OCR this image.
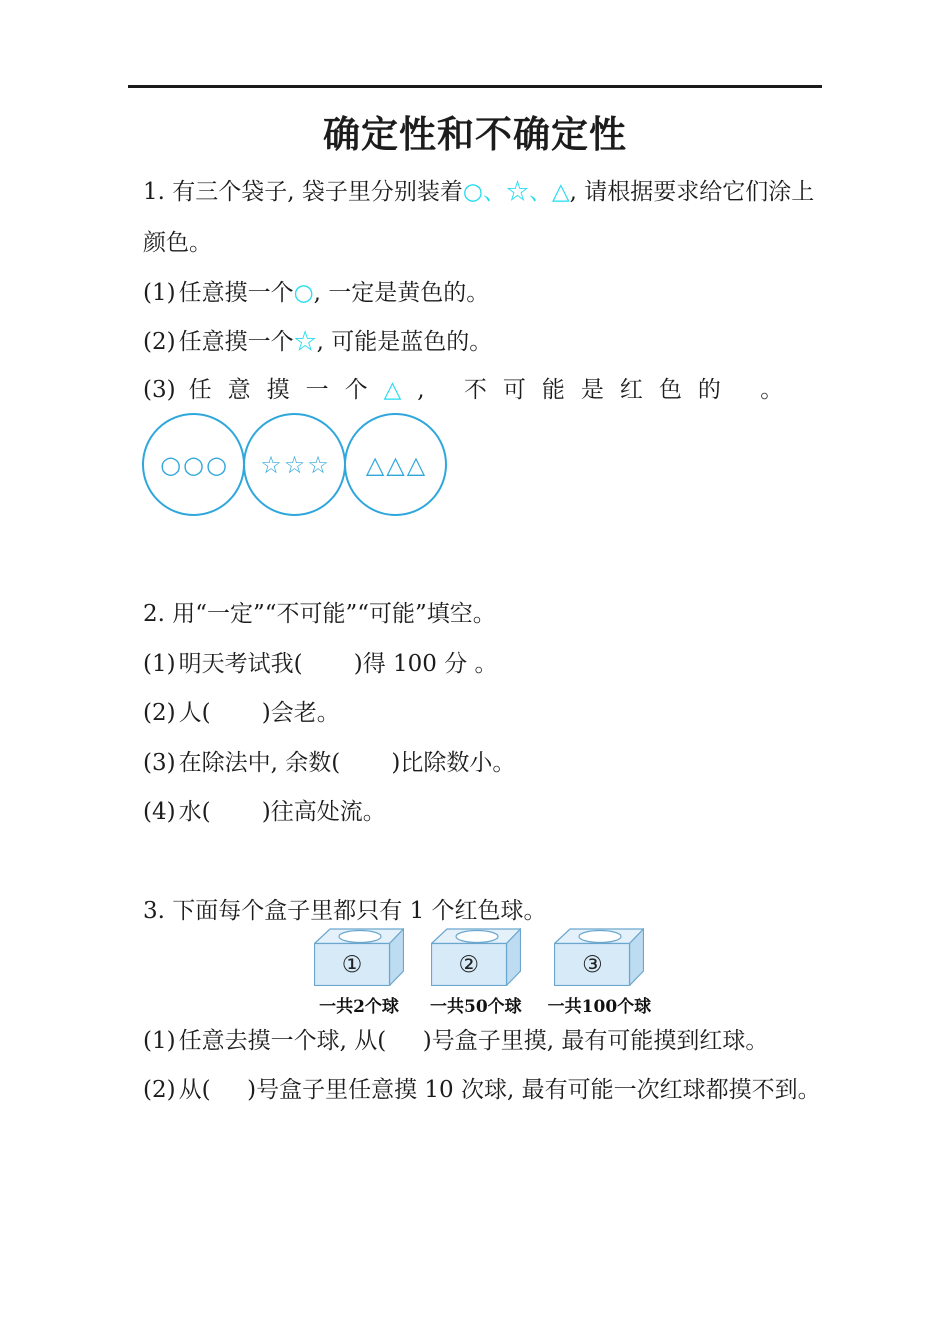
确定性和不确定性
1. 有三个袋子, 袋子里分别装着○、☆、△, 请根据要求给它们涂上
颜色。
(1) 任意摸一个○, 一定是黄色的。
(2) 任意摸一个☆, 可能是蓝色的。
(3) 任意摸一个△, 不可能是红色的 。
○○○ ☆☆☆ △△△
2. 用“一定”“不可能”“可能”填空。
(1) 明天考试我(       )得 100 分 。
(2) 人(       )会老。
(3) 在除法中, 余数(       )比除数小。
(4) 水(       )往高处流。
3. 下面每个盒子里都只有 1 个红色球。
①
一共2个球
②
一共50个球
③
一共100个球
(1) 任意去摸一个球, 从(     )号盒子里摸, 最有可能摸到红球。
(2) 从(     )号盒子里任意摸 10 次球, 最有可能一次红球都摸不到。
